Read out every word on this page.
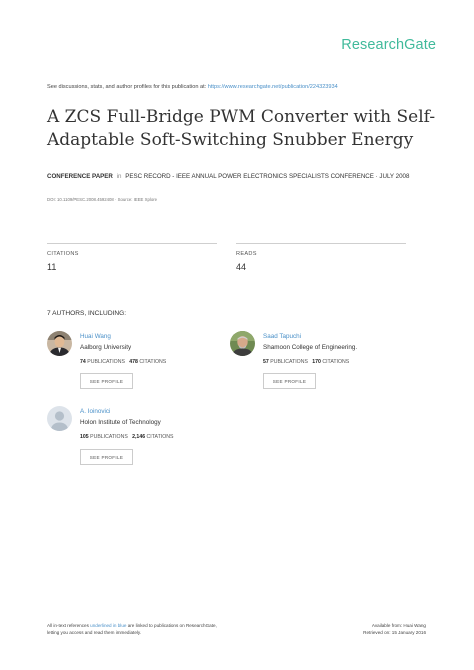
ResearchGate
See discussions, stats, and author profiles for this publication at: https://www.researchgate.net/publication/224323934
A ZCS Full-Bridge PWM Converter with Self-Adaptable Soft-Switching Snubber Energy
CONFERENCE PAPER in PESC RECORD - IEEE ANNUAL POWER ELECTRONICS SPECIALISTS CONFERENCE · JULY 2008
DOI: 10.1109/PESC.2008.4592408 · Source: IEEE Xplore
CITATIONS
11
READS
44
7 AUTHORS, INCLUDING:
Huai Wang
Aalborg University
74 PUBLICATIONS 478 CITATIONS
SEE PROFILE
Saad Tapuchi
Shamoon College of Engineering.
57 PUBLICATIONS 170 CITATIONS
SEE PROFILE
A. Ioinovici
Holon Institute of Technology
105 PUBLICATIONS 2,146 CITATIONS
SEE PROFILE
All in-text references underlined in blue are linked to publications on ResearchGate,
letting you access and read them immediately.
Available from: Huai Wang
Retrieved on: 15 January 2016
